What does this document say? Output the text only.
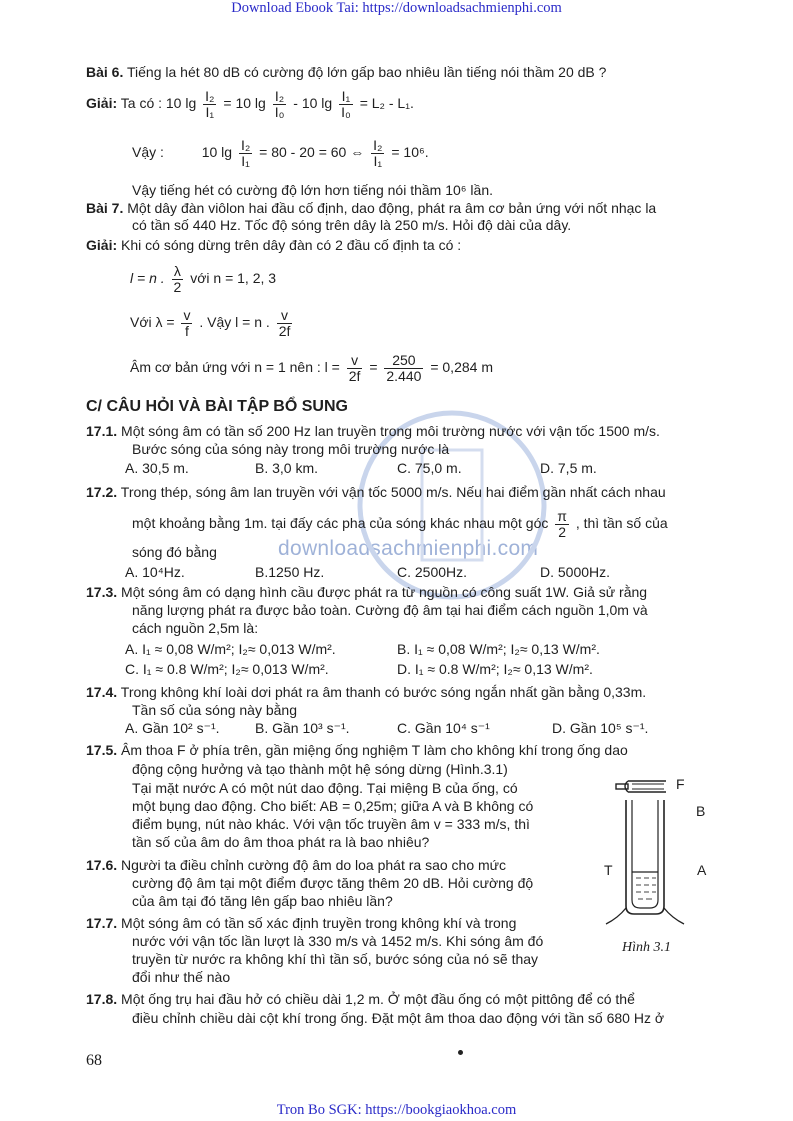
Download Ebook Tai: https://downloadsachmienphi.com
Tron Bo SGK: https://bookgiaokhoa.com
downloadsachmienphi.com
Bài 6. Tiếng la hét 80 dB có cường độ lớn gấp bao nhiêu lần tiếng nói thầm 20 dB ?
Giải: Ta có : 10 $\lg \frac{\text{I₂}}{\text{I₁}} = 10$ $\lg \frac{\text{I₂}}{\text{I₀}} - 10$ $\lg \frac{\text{I₁}}{\text{I₀}} = L_2 - L_1$.
Vậy :	10 $\lg \frac{\text{I₂}}{\text{I₁}} = 80 - 20 = 60$ ⇔ $\frac{\text{I₂}}{\text{I₁}} = 10^6$.
Vậy tiếng hét có cường độ lớn hơn tiếng nói thầm 10⁶ lần.
Bài 7. Một dây đàn viôlon hai đầu cố định, dao động, phát ra âm cơ bản ứng với nốt nhạc la
có tần số 440 Hz. Tốc độ sóng trên dây là 250 m/s. Hỏi độ dài của dây.
Giải: Khi có sóng dừng trên dây đàn có 2 đầu cố định ta có :
l = n . $\frac{\lambda}{2}$ với n = 1, 2, 3
Với $\lambda = \frac{v}{f}$ . Vậy l = n . $\frac{v}{2f}$
Âm cơ bản ứng với n = 1 nên : $l = \frac{v}{2f} = \frac{250}{2.440} = 0,284$ m
C/ CÂU HỎI VÀ BÀI TẬP BỔ SUNG
17.1. Một sóng âm có tần số 200 Hz lan truyền trong môi trường nước với vận tốc 1500 m/s.
Bước sóng của sóng này trong môi trường nước là
A. 30,5 m.	B. 3,0 km.	C. 75,0 m.	D. 7,5 m.
17.2. Trong thép, sóng âm lan truyền với vận tốc 5000 m/s. Nếu hai điểm gần nhất cách nhau
một khoảng bằng 1m. tại đấy các pha của sóng khác nhau một góc $\frac{\pi}{2}$ , thì tần số của
sóng đó bằng
A. 10⁴Hz.	B.1250 Hz.	C. 2500Hz.	D. 5000Hz.
17.3. Một sóng âm có dạng hình cầu được phát ra từ nguồn có công suất 1W. Giả sử rằng
năng lượng phát ra được bảo toàn. Cường độ âm tại hai điểm cách nguồn 1,0m và
cách nguồn 2,5m là:
A. I₁ ≈ 0,08 W/m²; I₂≈ 0,013 W/m².	B. I₁ ≈ 0,08 W/m²; I₂≈ 0,13 W/m².
C. I₁ ≈ 0.8 W/m²; I₂≈ 0,013 W/m².	D. I₁ ≈ 0.8 W/m²; I₂≈ 0,13 W/m².
17.4. Trong không khí loài dơi phát ra âm thanh có bước sóng ngắn nhất gần bằng 0,33m.
Tần số của sóng này bằng
A. Gần 10² s⁻¹.	B. Gần 10³ s⁻¹.	C. Gần 10⁴ s⁻¹	D. Gần 10⁵ s⁻¹.
17.5. Âm thoa F ở phía trên, gần miệng ống nghiệm T làm cho không khí trong ống dao
động cộng hưởng và tạo thành một hệ sóng dừng (Hình.3.1)
Tại mặt nước A có một nút dao động. Tại miệng B của ống, có
một bụng dao động. Cho biết: AB = 0,25m; giữa A và B không có
điểm bụng, nút nào khác. Với vận tốc truyền âm v = 333 m/s, thì
tần số của âm do âm thoa phát ra là bao nhiêu?
17.6. Người ta điều chỉnh cường độ âm do loa phát ra sao cho mức
cường độ âm tại một điểm được tăng thêm 20 dB. Hỏi cường độ
của âm tại đó tăng lên gấp bao nhiêu lần?
17.7. Một sóng âm có tần số xác định truyền trong không khí và trong
nước với vận tốc lần lượt là 330 m/s và 1452 m/s. Khi sóng âm đó
truyền từ nước ra không khí thì tần số, bước sóng của nó sẽ thay
đổi như thế nào
17.8. Một ống trụ hai đầu hở có chiều dài 1,2 m. Ở một đầu ống có một pittông để có thể
điều chỉnh chiều dài cột khí trong ống. Đặt một âm thoa dao động với tần số 680 Hz ở
F
B
T	A
Hình 3.1
68
